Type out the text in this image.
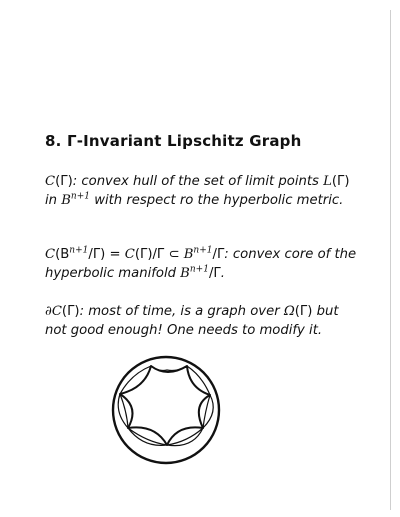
8. Γ-Invariant Lipschitz Graph
C(Γ): convex hull of the set of limit points L(Γ) in $B^{n+1}$ with respect ro the hyperbolic metric.
$C(B^{n+1}/\Gamma) = C(\Gamma)/\Gamma$ ⊂ $B^{n+1}/\Gamma$: convex core of the hyperbolic manifold $B^{n+1}/\Gamma$.
∂C(Γ): most of time, is a graph over Ω(Γ) but not good enough! One needs to modify it.
